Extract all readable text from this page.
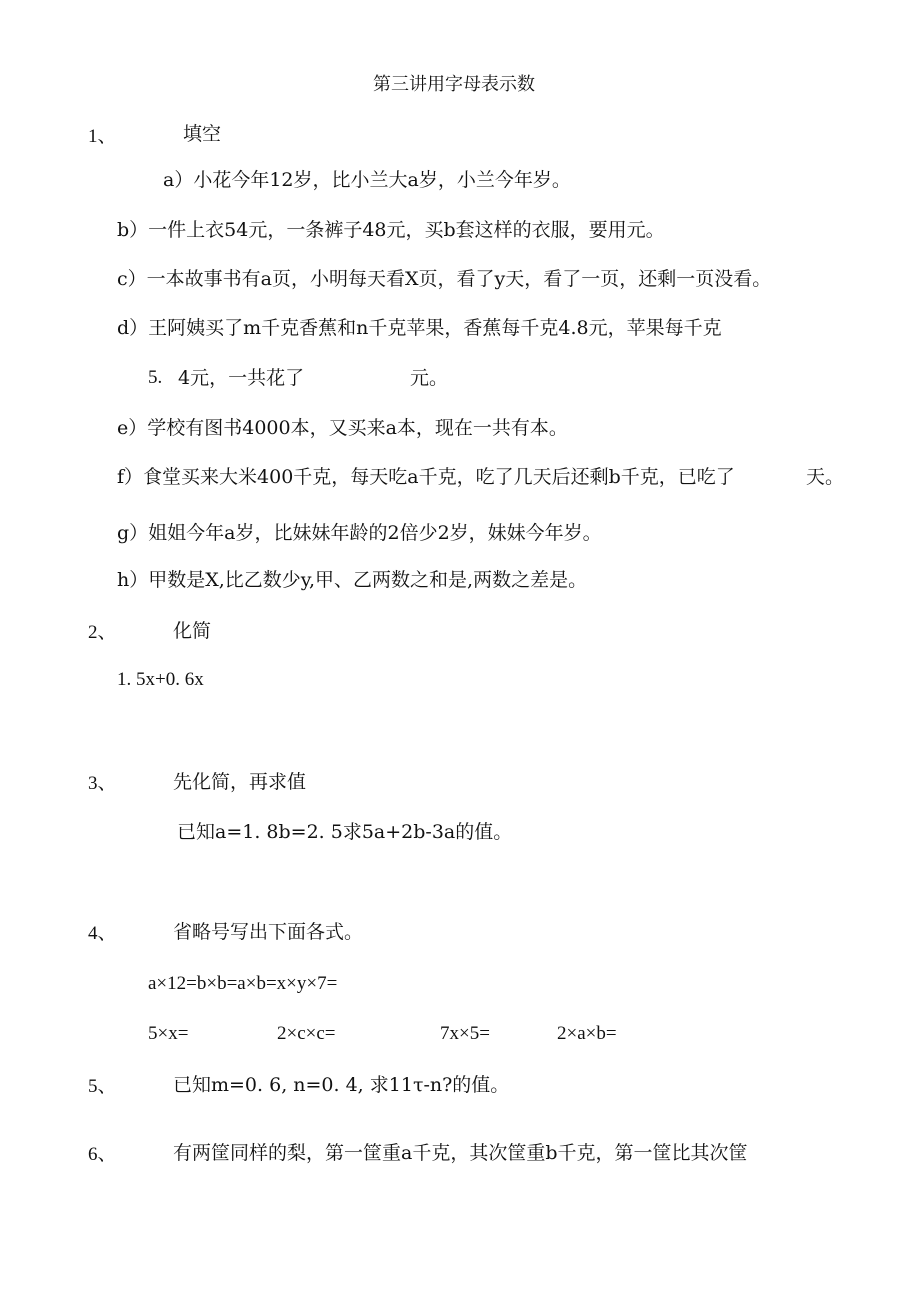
第三讲用字母表示数
1、	填空
a）小花今年12岁，比小兰大a岁，小兰今年岁。
b）一件上衣54元，一条裤子48元，买b套这样的衣服，要用元。
c）一本故事书有a页，小明每天看X页，看了y天，看了一页，还剩一页没看。
d）王阿姨买了m千克香蕉和n千克苹果，香蕉每千克4.8元，苹果每千克
5. 4元，一共花了	元。
e）学校有图书4000本，又买来a本，现在一共有本。
f）食堂买来大米400千克，每天吃a千克，吃了几天后还剩b千克，已吃了	天。
g）姐姐今年a岁，比妹妹年龄的2倍少2岁，妹妹今年岁。
h）甲数是X,比乙数少y,甲、乙两数之和是,两数之差是。
2、	化简
1. 5x+0. 6x
3、	先化简，再求值
已知a=1. 8b=2. 5求5a+2b-3a的值。
4、	省略号写出下面各式。
a×12=b×b=a×b=x×y×7=
5×x=	2×c×c=	7x×5=	2×a×b=
5、	已知m=0. 6, n=0. 4, 求11τ-n?的值。
6、	有两筐同样的梨，第一筐重a千克，其次筐重b千克，第一筐比其次筐
